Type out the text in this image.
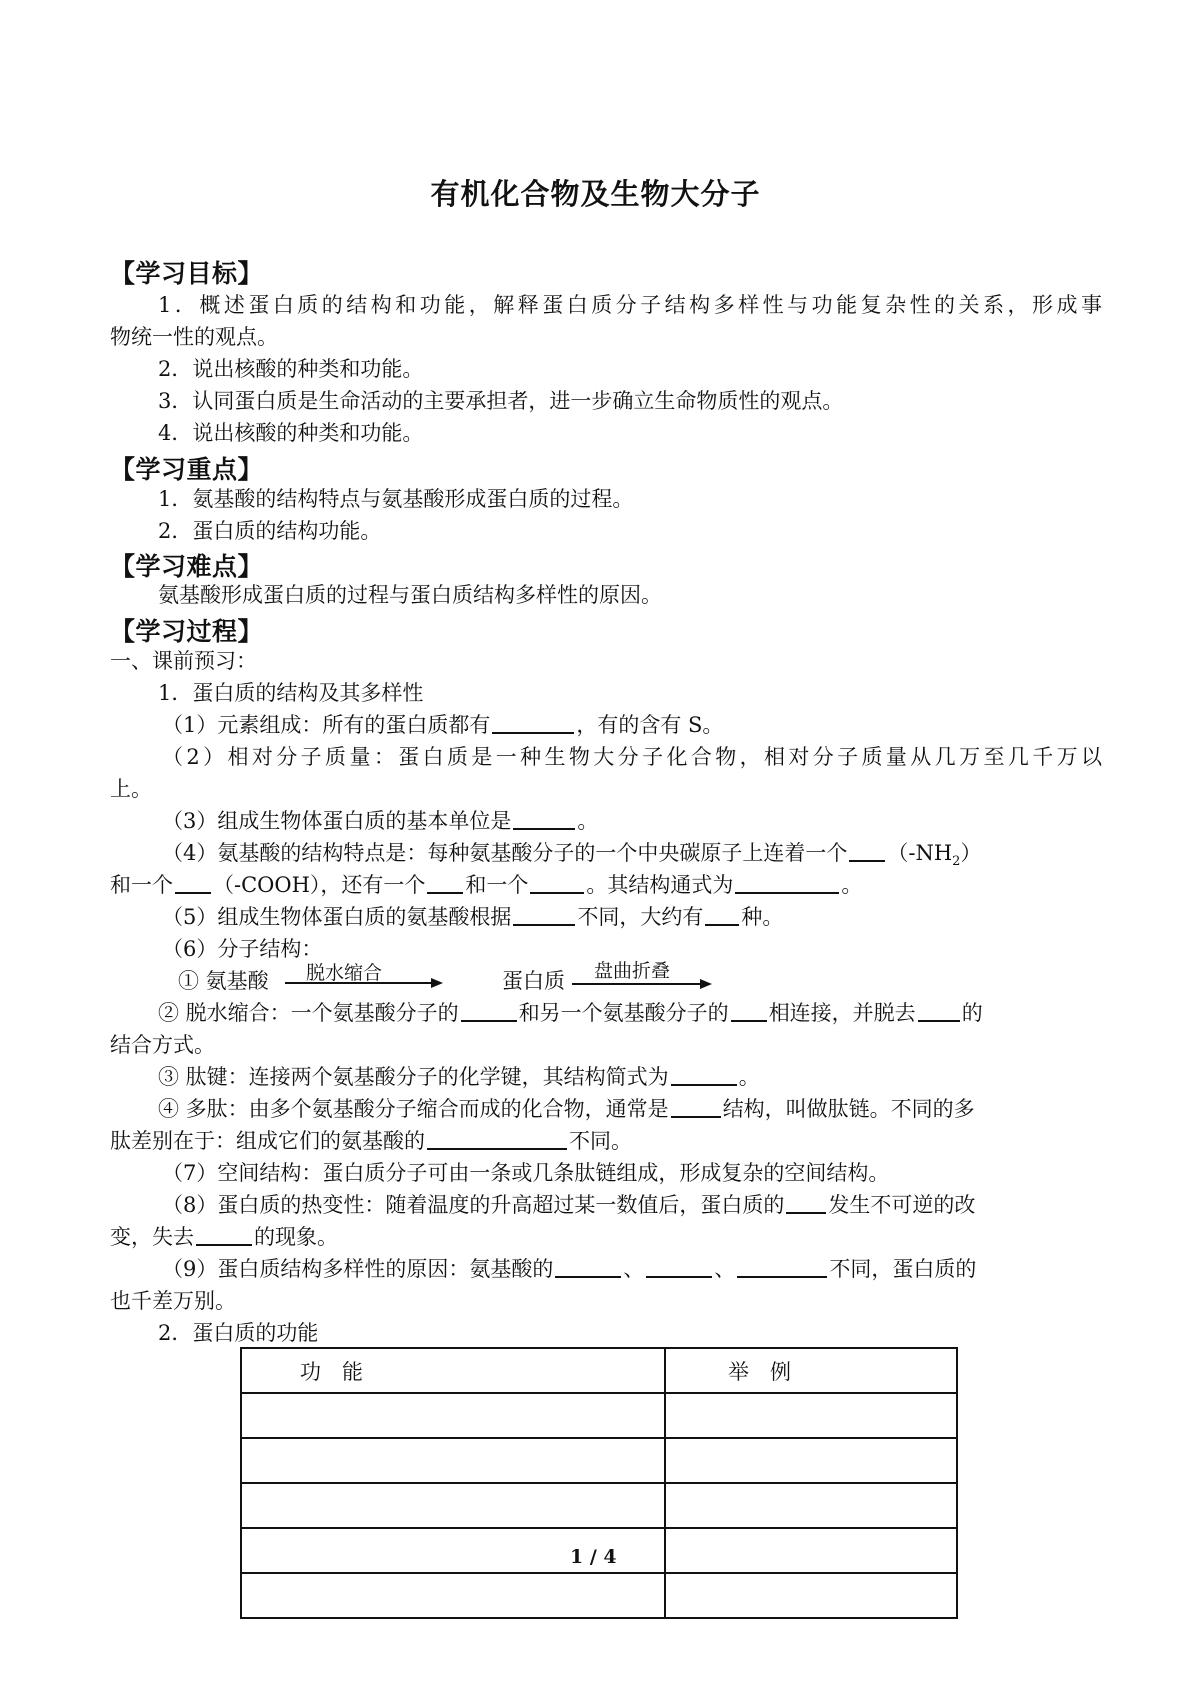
有机化合物及生物大分子
【学习目标】
1．概述蛋白质的结构和功能，解释蛋白质分子结构多样性与功能复杂性的关系，形成事
物统一性的观点。
2．说出核酸的种类和功能。
3．认同蛋白质是生命活动的主要承担者，进一步确立生命物质性的观点。
4．说出核酸的种类和功能。
【学习重点】
1．氨基酸的结构特点与氨基酸形成蛋白质的过程。
2．蛋白质的结构功能。
【学习难点】
氨基酸形成蛋白质的过程与蛋白质结构多样性的原因。
【学习过程】
一、课前预习：
1．蛋白质的结构及其多样性
（1）元素组成：所有的蛋白质都有	，有的含有 S。
（2）相对分子质量：蛋白质是一种生物大分子化合物，相对分子质量从几万至几千万以
上。
（3）组成生物体蛋白质的基本单位是	。
（4）氨基酸的结构特点是：每种氨基酸分子的一个中央碳原子上连着一个 $(-NH_2)$
和一个 （-COOH），还有一个 和一个	。其结构通式为	。
（5）组成生物体蛋白质的氨基酸根据	不同，大约有 种。
（6）分子结构：
① 氨基酸 脱水缩合	蛋白质 盘曲折叠
② 脱水缩合：一个氨基酸分子的	和另一个氨基酸分子的 相连接，并脱去 的
结合方式。
③ 肽键：连接两个氨基酸分子的化学键，其结构简式为	。
④ 多肽：由多个氨基酸分子缩合而成的化合物，通常是	结构，叫做肽链。不同的多
肽差别在于：组成它们的氨基酸的	不同。
（7）空间结构：蛋白质分子可由一条或几条肽链组成，形成复杂的空间结构。
（8）蛋白质的热变性：随着温度的升高超过某一数值后，蛋白质的 发生不可逆的改
变，失去	的现象。
（9）蛋白质结构多样性的原因：氨基酸的	、	、	不同，蛋白质的
也千差万别。
2．蛋白质的功能
功　能	举　例

1 / 4
